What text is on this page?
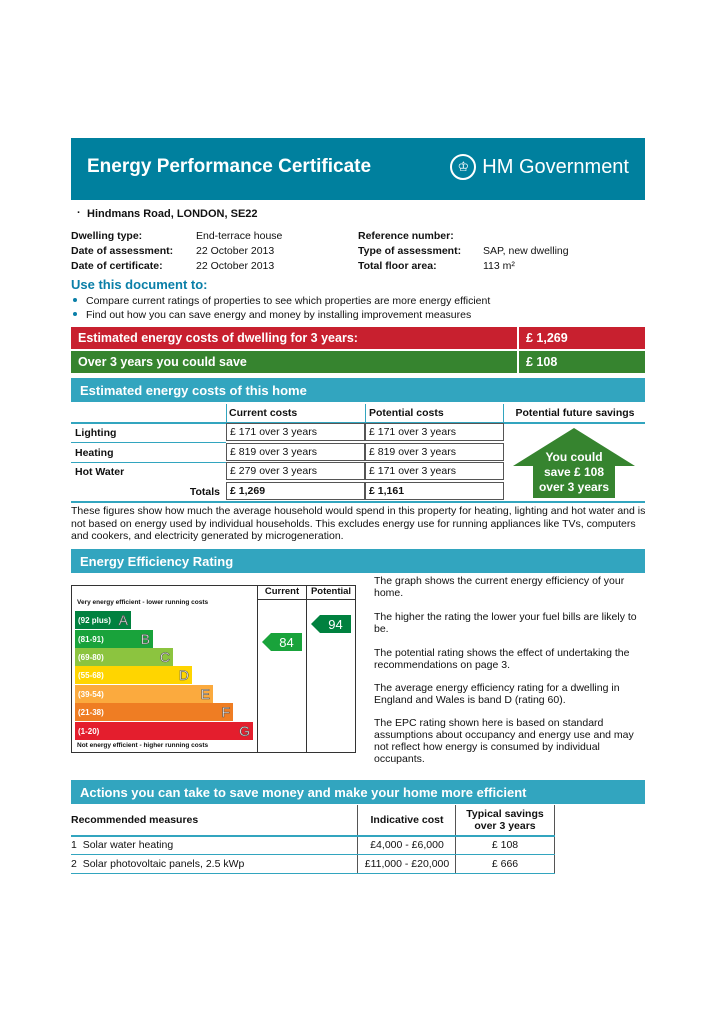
Energy Performance Certificate	♔ HM Government
· Hindmans Road, LONDON, SE22
Dwelling type:	End-terrace house
Date of assessment: 22 October 2013
Date of certificate:	22 October 2013
Reference number:
Type of assessment: SAP, new dwelling
Total floor area:	113 m²
Use this document to:
Compare current ratings of properties to see which properties are more energy efficient
Find out how you can save energy and money by installing improvement measures
Estimated energy costs of dwelling for 3 years:	£ 1,269
Over 3 years you could save	£ 108
Estimated energy costs of this home
Current costs	Potential costs	Potential future savings
Lighting	£ 171 over 3 years	£ 171 over 3 years
Heating	£ 819 over 3 years	£ 819 over 3 years
Hot Water	£ 279 over 3 years	£ 171 over 3 years
Totals £ 1,269	£ 1,161
You could
save £ 108
over 3 years
These figures show how much the average household would spend in this property for heating, lighting and hot water and is not based on energy used by individual households. This excludes energy use for running appliances like TVs, computers and cookers, and electricity generated by microgeneration.
Energy Efficiency Rating
Current	Potential
Very energy efficient - lower running costs
(92 plus) A
(81-91)	B
(69-80)	C
(55-68)	D
(39-54)	E
(21-38)	F
(1-20)	G
Not energy efficient - higher running costs
84
94
The graph shows the current energy efficiency of your home.
The higher the rating the lower your fuel bills are likely to be.
The potential rating shows the effect of undertaking the recommendations on page 3.
The average energy efficiency rating for a dwelling in England and Wales is band D (rating 60).
The EPC rating shown here is based on standard assumptions about occupancy and energy use and may not reflect how energy is consumed by individual occupants.
Actions you can take to save money and make your home more efficient
Recommended measures	Indicative cost	Typical savings
over 3 years
1 Solar water heating	£4,000 - £6,000	£ 108
2 Solar photovoltaic panels, 2.5 kWp	£11,000 - £20,000	£ 666
